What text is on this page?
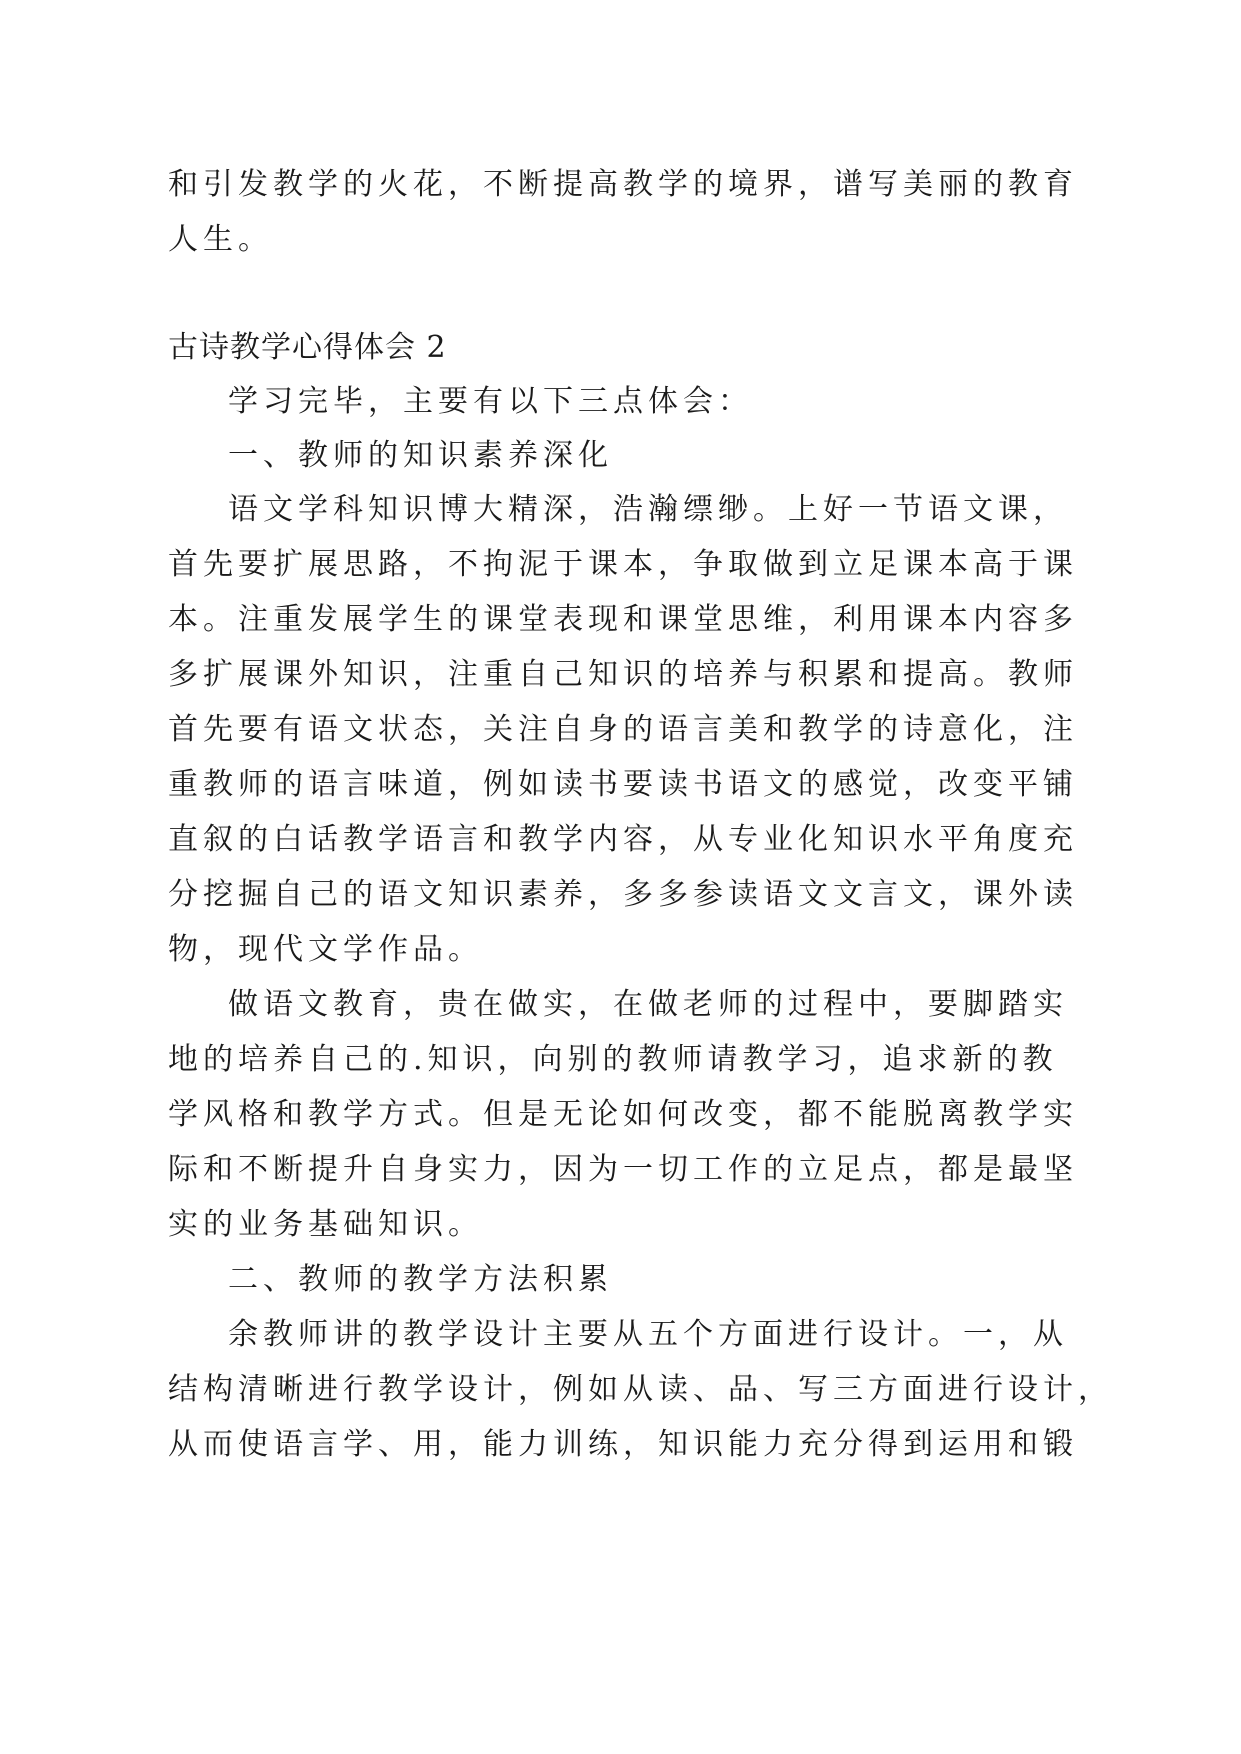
和引发教学的火花，不断提高教学的境界，谱写美丽的教育
人生。
古诗教学心得体会 2
学习完毕，主要有以下三点体会：
一、教师的知识素养深化
语文学科知识博大精深，浩瀚缥缈。上好一节语文课，
首先要扩展思路，不拘泥于课本，争取做到立足课本高于课
本。注重发展学生的课堂表现和课堂思维，利用课本内容多
多扩展课外知识，注重自己知识的培养与积累和提高。教师
首先要有语文状态，关注自身的语言美和教学的诗意化，注
重教师的语言味道，例如读书要读书语文的感觉，改变平铺
直叙的白话教学语言和教学内容，从专业化知识水平角度充
分挖掘自己的语文知识素养，多多参读语文文言文，课外读
物，现代文学作品。
做语文教育，贵在做实，在做老师的过程中，要脚踏实
地的培养自己的.知识，向别的教师请教学习，追求新的教
学风格和教学方式。但是无论如何改变，都不能脱离教学实
际和不断提升自身实力，因为一切工作的立足点，都是最坚
实的业务基础知识。
二、教师的教学方法积累
余教师讲的教学设计主要从五个方面进行设计。一，从
结构清晰进行教学设计，例如从读、品、写三方面进行设计，
从而使语言学、用，能力训练，知识能力充分得到运用和锻
